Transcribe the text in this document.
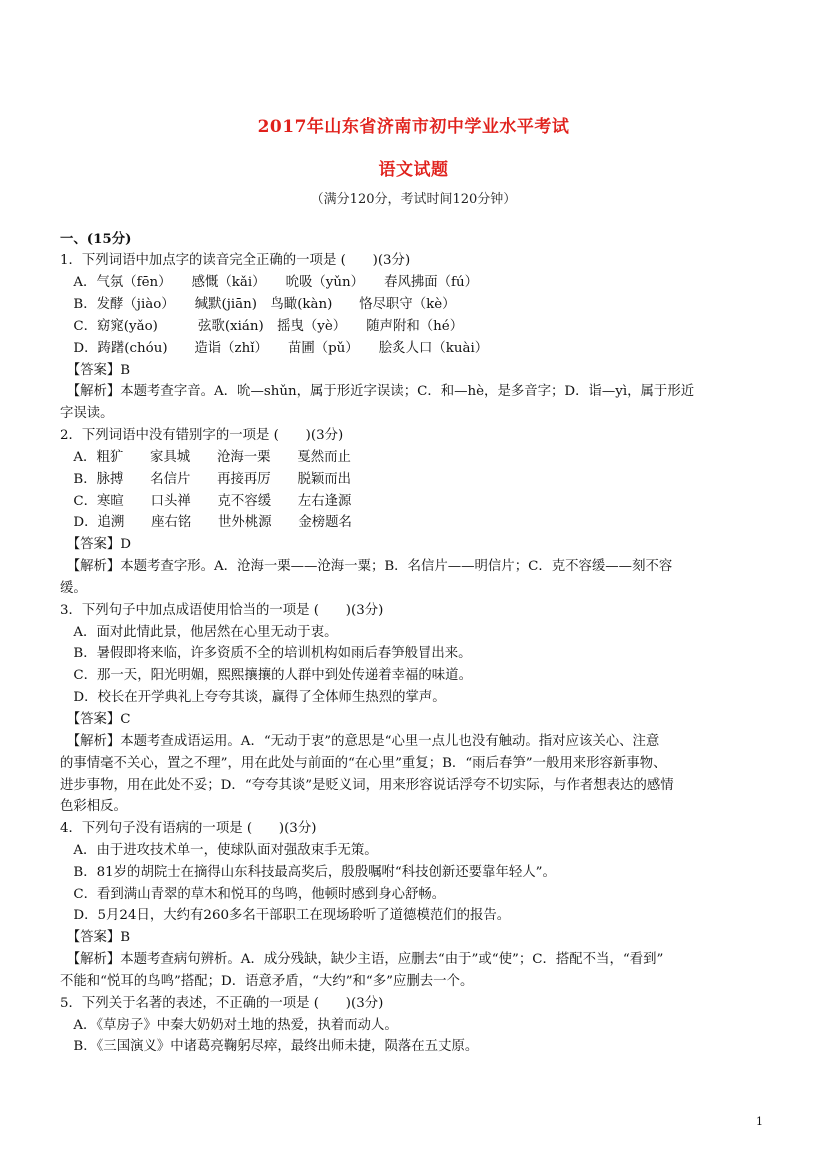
2017年山东省济南市初中学业水平考试
语文试题
（满分120分，考试时间120分钟）
一、(15分)
1．下列词语中加点字的读音完全正确的一项是 (　　)(3分)
　A．气氛（fēn）　　感慨（kǎi）　　吮吸（yǔn）　　春风拂面（fú）
　B．发酵（jiào）　　缄默(jiān)　鸟瞰(kàn)　　恪尽职守（kè）
　C．窈窕(yǎo)　　　弦歌(xián)　摇曳（yè）　　随声附和（hé）
　D．踌躇(chóu)　　造诣（zhǐ）　　苗圃（pǔ）　　脍炙人口（kuài）
　【答案】B
　【解析】本题考查字音。A．吮—shǔn，属于形近字误读；C．和—hè，是多音字；D．诣—yì，属于形近
字误读。
2．下列词语中没有错别字的一项是 (　　)(3分)
　A．粗犷　　家具城　　沧海一栗　　戛然而止
　B．脉搏　　名信片　　再接再厉　　脱颖而出
　C．寒暄　　口头禅　　克不容缓　　左右逢源
　D．追溯　　座右铭　　世外桃源　　金榜题名
　【答案】D
　【解析】本题考查字形。A．沧海一栗——沧海一粟；B．名信片——明信片；C．克不容缓——刻不容
缓。
3．下列句子中加点成语使用恰当的一项是 (　　)(3分)
　A．面对此情此景，他居然在心里无动于衷。
　B．暑假即将来临，许多资质不全的培训机构如雨后春笋般冒出来。
　C．那一天，阳光明媚，熙熙攘攘的人群中到处传递着幸福的味道。
　D．校长在开学典礼上夸夸其谈，赢得了全体师生热烈的掌声。
　【答案】C
　【解析】本题考查成语运用。A．“无动于衷”的意思是“心里一点儿也没有触动。指对应该关心、注意
的事情毫不关心，置之不理”，用在此处与前面的“在心里”重复；B．“雨后春笋”一般用来形容新事物、
进步事物，用在此处不妥；D．“夸夸其谈”是贬义词，用来形容说话浮夸不切实际，与作者想表达的感情
色彩相反。
4．下列句子没有语病的一项是 (　　)(3分)
　A．由于进攻技术单一，使球队面对强敌束手无策。
　B．81岁的胡院士在摘得山东科技最高奖后，殷殷嘱咐“科技创新还要靠年轻人”。
　C．看到满山青翠的草木和悦耳的鸟鸣，他顿时感到身心舒畅。
　D．5月24日，大约有260多名干部职工在现场聆听了道德模范们的报告。
　【答案】B
　【解析】本题考查病句辨析。A．成分残缺，缺少主语，应删去“由于”或“使”；C．搭配不当，“看到”
不能和“悦耳的鸟鸣”搭配；D．语意矛盾，“大约”和“多”应删去一个。
5．下列关于名著的表述，不正确的一项是 (　　)(3分)
　A．《草房子》中秦大奶奶对土地的热爱，执着而动人。
　B．《三国演义》中诸葛亮鞠躬尽瘁，最终出师未捷，陨落在五丈原。
1
